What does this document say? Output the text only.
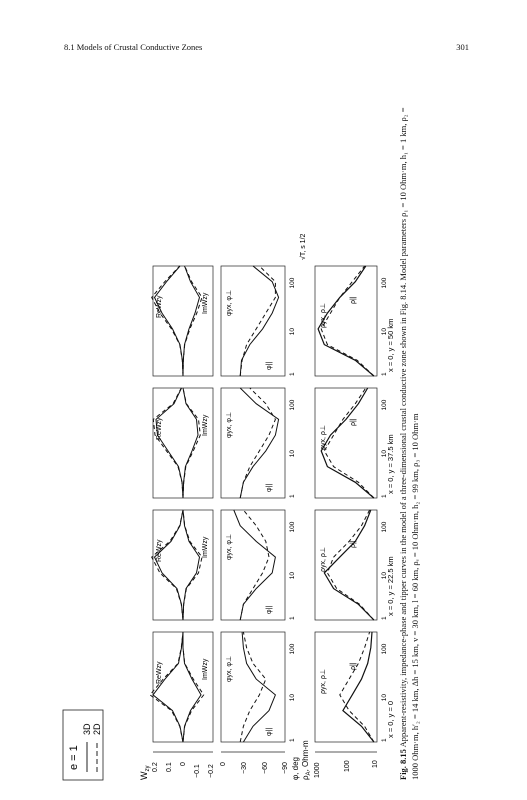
8.1 Models of Crustal Conductive Zones	301
e = 1
3D 2D
$W_{zy}$ 0.2 0.1 0
−0.1 −0.2
0 −30 −60 −90 φ, deg $\rho_A$, Ohm-m 1000	100	10
1
10
100
1
10
100
ReWzy	ImWzy φyx, φ⊥
φ||
ρyx, ρ⊥
ρ||
x = 0, y = 0
1
10
100
1
10
100
ReWzy	ImWzy φyx, φ⊥
φ||
ρyx, ρ⊥
ρ||
x = 0, y = 22.5 km
1
10
100
1
10
100
ReWzy	ImWzy φyx, φ⊥
φ||
ρyx, ρ⊥
ρ||
x = 0, y = 37.5 km
1
10
100
1
10
100
ReWzy	ImWzy φyx, φ⊥
φ||
ρyx, ρ⊥
ρ||
x = 0, y = 50 km
√T, s 1/2
Fig. 8.15 Apparent-resistivity, impedance-phase and tipper curves in the model of a three-dimensional crustal conductive zone shown in Fig. 8.14. Model parameters ρ₁ = 10 Ohm·m, h₁ = 1 km, ρ₂ = 1000 Ohm·m, h′₂ = 14 km, Δh = 15 km, v = 30 km, l = 60 km, ρₑ = 10 Ohm·m, h₂ = 99 km, ρ₃ = 10 Ohm·m
